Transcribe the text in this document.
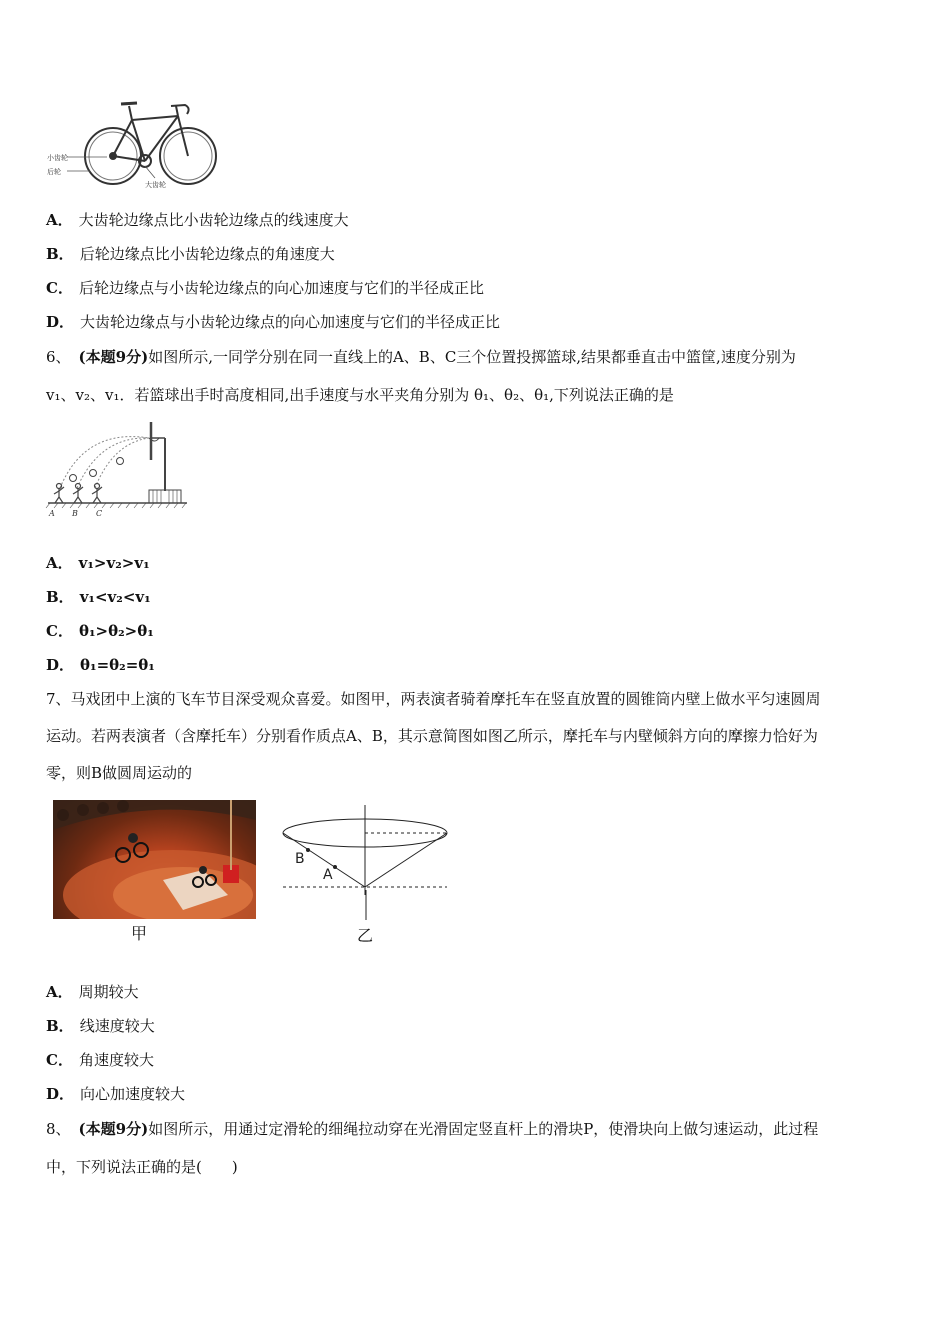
小齿轮
后轮
大齿轮
A． 大齿轮边缘点比小齿轮边缘点的线速度大
B． 后轮边缘点比小齿轮边缘点的角速度大
C． 后轮边缘点与小齿轮边缘点的向心加速度与它们的半径成正比
D． 大齿轮边缘点与小齿轮边缘点的向心加速度与它们的半径成正比
6、 (本题9分)如图所示,一同学分别在同一直线上的A、B、C三个位置投掷篮球,结果都垂直击中篮筐,速度分别为
v₁、v₂、v₁．若篮球出手时高度相同,出手速度与水平夹角分别为 θ₁、θ₂、θ₁,下列说法正确的是
A B C
A． v₁>v₂>v₁
B． v₁<v₂<v₁
C． θ₁>θ₂>θ₁
D． θ₁=θ₂=θ₁
7、马戏团中上演的飞车节目深受观众喜爱。如图甲，两表演者骑着摩托车在竖直放置的圆锥筒内壁上做水平匀速圆周
运动。若两表演者（含摩托车）分别看作质点A、B，其示意简图如图乙所示，摩托车与内壁倾斜方向的摩擦力恰好为
零，则B做圆周运动的
甲
B
A
乙
A． 周期较大
B． 线速度较大
C． 角速度较大
D． 向心加速度较大
8、 (本题9分)如图所示，用通过定滑轮的细绳拉动穿在光滑固定竖直杆上的滑块P，使滑块向上做匀速运动，此过程
中，下列说法正确的是(　　)
